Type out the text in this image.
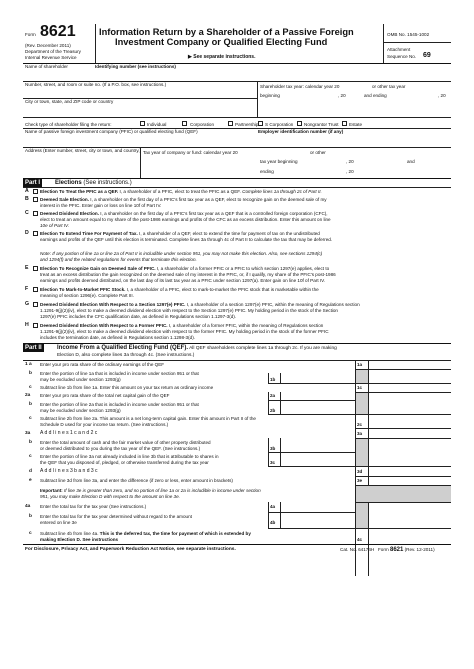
Form 8621
(Rev. December 2011)
Department of the Treasury
Internal Revenue Service
Information Return by a Shareholder of a Passive Foreign
Investment Company or Qualified Electing Fund
▶ See separate instructions.
OMB No. 1545-1002
Attachment
Sequence No. 69
Name of shareholder	Identifying number (see instructions)
Number, street, and room or suite no. (If a P.O. box, see instructions.)	Shareholder tax year: calendar year 20	or other tax year
beginning	, 20	and ending	, 20
City or town, state, and ZIP code or country
Check type of shareholder filing the return:	Individual	Corporation	Partnership S Corporation Nongrantor Trust Estate
Name of passive foreign investment company (PFIC) or qualified electing fund (QEF)	Employer identification number (if any)
Address (Enter number, street, city or town, and country.) Tax year of company or fund: calendar year 20	or other
tax year beginning	, 20	and
ending	, 20
Part I	Elections (See instructions.)
A Election To Treat the PFIC as a QEF. I, a shareholder of a PFIC, elect to treat the PFIC as a QEF. Complete lines 1a through 2c of Part II.
B Deemed Sale Election. I, a shareholder on the first day of a PFIC's first tax year as a QEF, elect to recognize gain on the deemed sale of my
interest in the PFIC. Enter gain or loss on line 10f of Part IV.
C Deemed Dividend Election. I, a shareholder on the first day of a PFIC's first tax year as a QEF that is a controlled foreign corporation (CFC),
elect to treat an amount equal to my share of the post-1986 earnings and profits of the CFC as an excess distribution. Enter this amount on line
10e of Part IV.
D Election To Extend Time For Payment of Tax. I, a shareholder of a QEF, elect to extend the time for payment of tax on the undistributed
earnings and profits of the QEF until this election is terminated. Complete lines 3a through 4c of Part II to calculate the tax that may be deferred.
Note: If any portion of line 1a or line 2a of Part II is includible under section 951, you may not make this election. Also, see sections 1294(c)
and 1294(f) and the related regulations for events that terminate this election.
E	Election To Recognize Gain on Deemed Sale of PFIC. I, a shareholder of a former PFIC or a PFIC to which section 1297(e) applies, elect to
treat as an excess distribution the gain recognized on the deemed sale of my interest in the PFIC, or, if I qualify, my share of the PFIC's post-1986
earnings and profits deemed distributed, on the last day of its last tax year as a PFIC under section 1297(a). Enter gain on line 10f of Part IV.
F	Election To Mark-to-Market PFIC Stock. I, a shareholder of a PFIC, elect to mark-to-market the PFIC stock that is marketable within the
meaning of section 1296(e). Complete Part III.
G Deemed Dividend Election With Respect to a Section 1297(e) PFIC. I, a shareholder of a section 1297(e) PFIC, within the meaning of Regulations section
1.1291-9(j)(2)(iv), elect to make a deemed dividend election with respect to the Section 1297(e) PFIC. My holding period in the stock of the Section
1297(e) PFIC includes the CFC qualification date, as defined in Regulations section 1.1297-3(d).
H Deemed Dividend Election With Respect to a Former PFIC. I, a shareholder of a former PFIC, within the meaning of Regulations section
1.1291-9(j)(2)(iv), elect to make a deemed dividend election with respect to the former PFIC. My holding period in the stock of the former PFIC
includes the termination date, as defined in Regulations section 1.1298-3(d).
Part II	Income From a Qualified Electing Fund (QEF). All QEF shareholders complete lines 1a through 2c. If you are making
Election D, also complete lines 3a through 4c. (See instructions.)
1 a Enter your pro rata share of the ordinary earnings of the QEF	1a
b Enter the portion of line 1a that is included in income under section 951 or that
may be excluded under section 1293(g)	1b
c Subtract line 1b from line 1a. Enter this amount on your tax return as ordinary income	1c
2a Enter your pro rata share of the total net capital gain of the QEF	2a
b Enter the portion of line 2a that is included in income under section 951 or that
may be excluded under section 1293(g)	2b
c Subtract line 2b from line 2a. This amount is a net long-term capital gain. Enter this amount in Part II of the
Schedule D used for your income tax return. (See instructions.)	2c
3a A d d l i n e s 1 c a n d 2 c	3a
b Enter the total amount of cash and the fair market value of other property distributed
or deemed distributed to you during the tax year of the QEF. (See instructions.)	3b
c Enter the portion of line 3a not already included in line 3b that is attributable to shares in
the QEF that you disposed of, pledged, or otherwise transferred during the tax year	3c
d A d d l i n e s 3 b a n d 3 c	3d
e Subtract line 3d from line 3a, and enter the difference (if zero or less, enter amount in brackets)	3e
Important: If line 3e is greater than zero, and no portion of line 1a or 2a is includible in income under section
951, you may make Election D with respect to the amount on line 3e.
4a Enter the total tax for the tax year (See instructions.)	4a
b Enter the total tax for the tax year determined without regard to the amount
entered on line 3e	4b
c Subtract line 4b from line 4a. This is the deferred tax, the time for payment of which is extended by
making Election D. See instructions	4c
For Disclosure, Privacy Act, and Paperwork Reduction Act Notice, see separate instructions.	Cat. No. 64174H Form 8621 (Rev. 12-2011)
